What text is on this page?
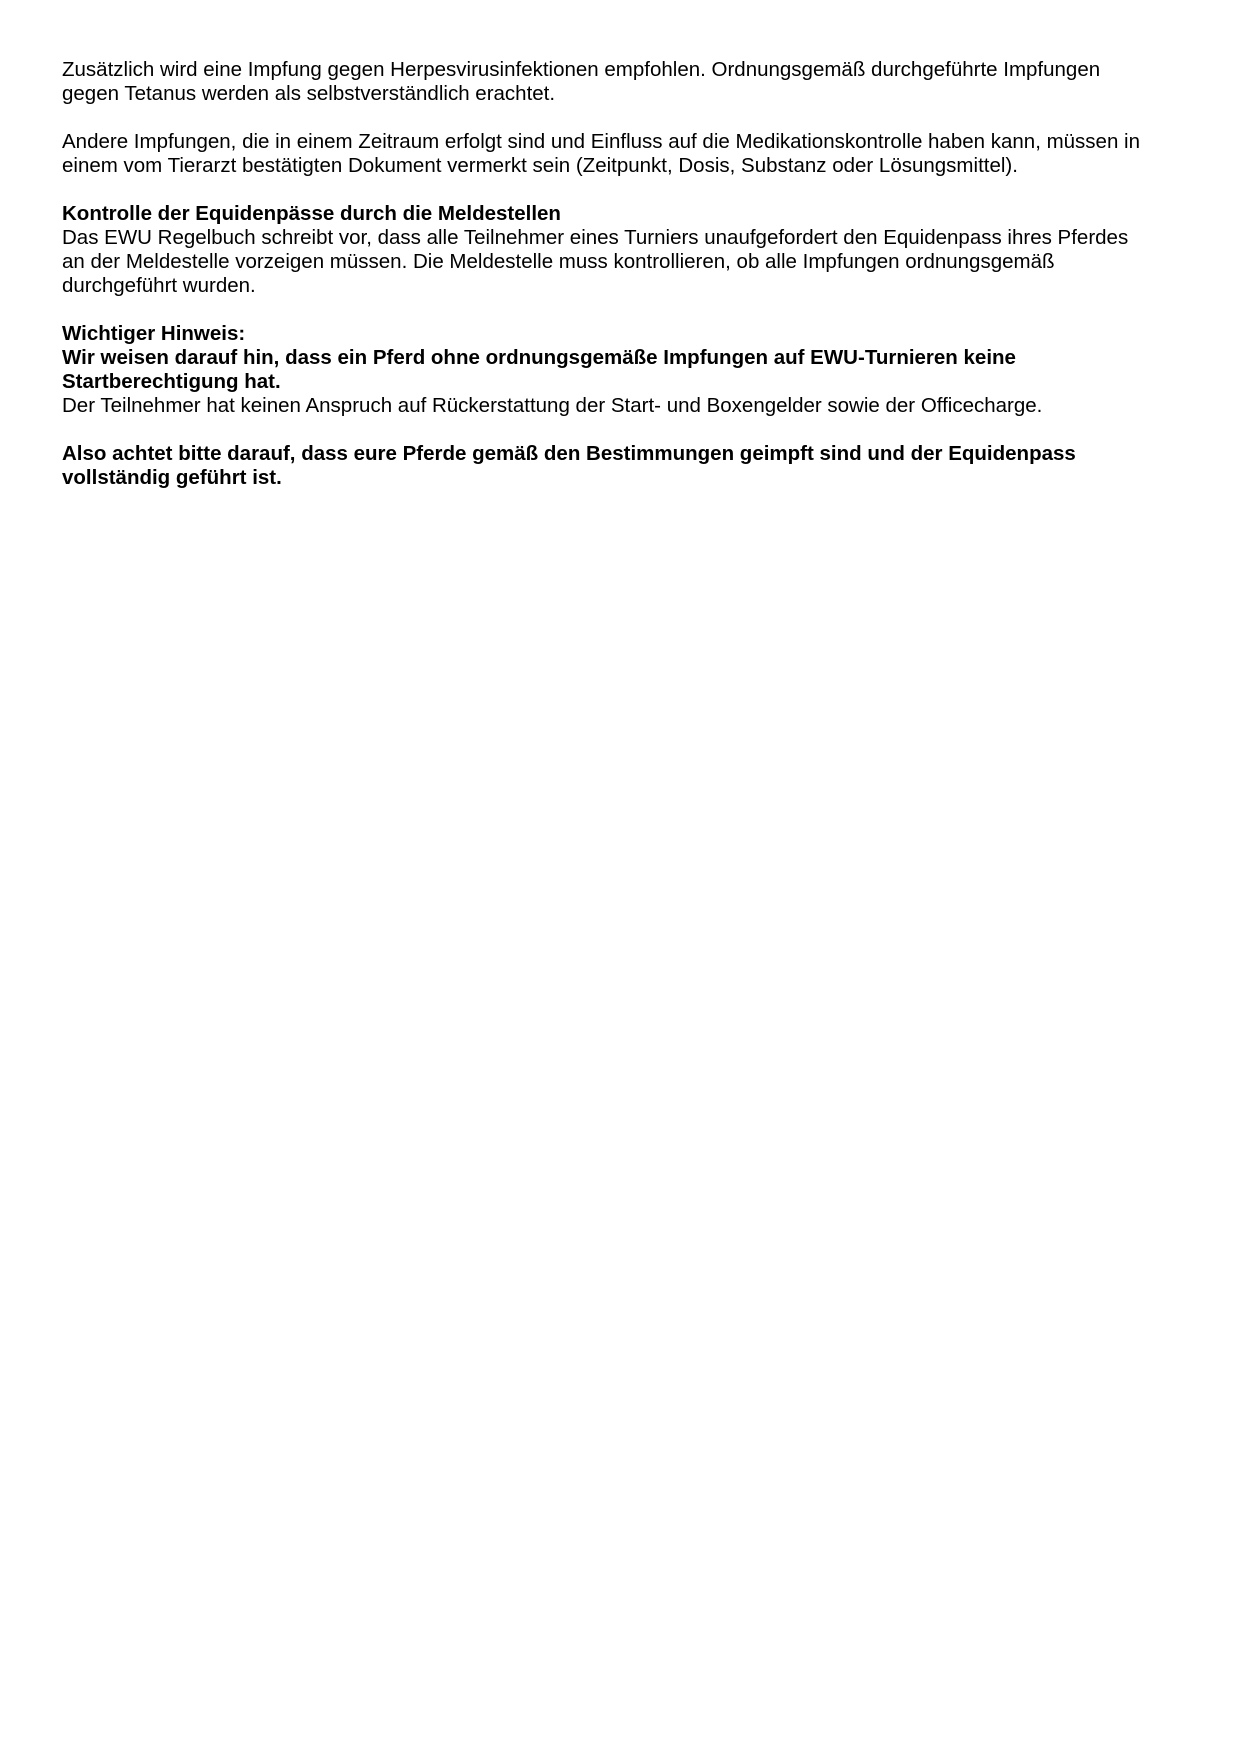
Zusätzlich wird eine Impfung gegen Herpesvirusinfektionen empfohlen. Ordnungsgemäß durchgeführte Impfungen
gegen Tetanus werden als selbstverständlich erachtet.

Andere Impfungen, die in einem Zeitraum erfolgt sind und Einfluss auf die Medikationskontrolle haben kann, müssen in
einem vom Tierarzt bestätigten Dokument vermerkt sein (Zeitpunkt, Dosis, Substanz oder Lösungsmittel).

Kontrolle der Equidenpässe durch die Meldestellen
Das EWU Regelbuch schreibt vor, dass alle Teilnehmer eines Turniers unaufgefordert den Equidenpass ihres Pferdes
an der Meldestelle vorzeigen müssen. Die Meldestelle muss kontrollieren, ob alle Impfungen ordnungsgemäß
durchgeführt wurden.

Wichtiger Hinweis:
Wir weisen darauf hin, dass ein Pferd ohne ordnungsgemäße Impfungen auf EWU-Turnieren keine
Startberechtigung hat.
Der Teilnehmer hat keinen Anspruch auf Rückerstattung der Start- und Boxengelder sowie der Officecharge.

Also achtet bitte darauf, dass eure Pferde gemäß den Bestimmungen geimpft sind und der Equidenpass
vollständig geführt ist.
